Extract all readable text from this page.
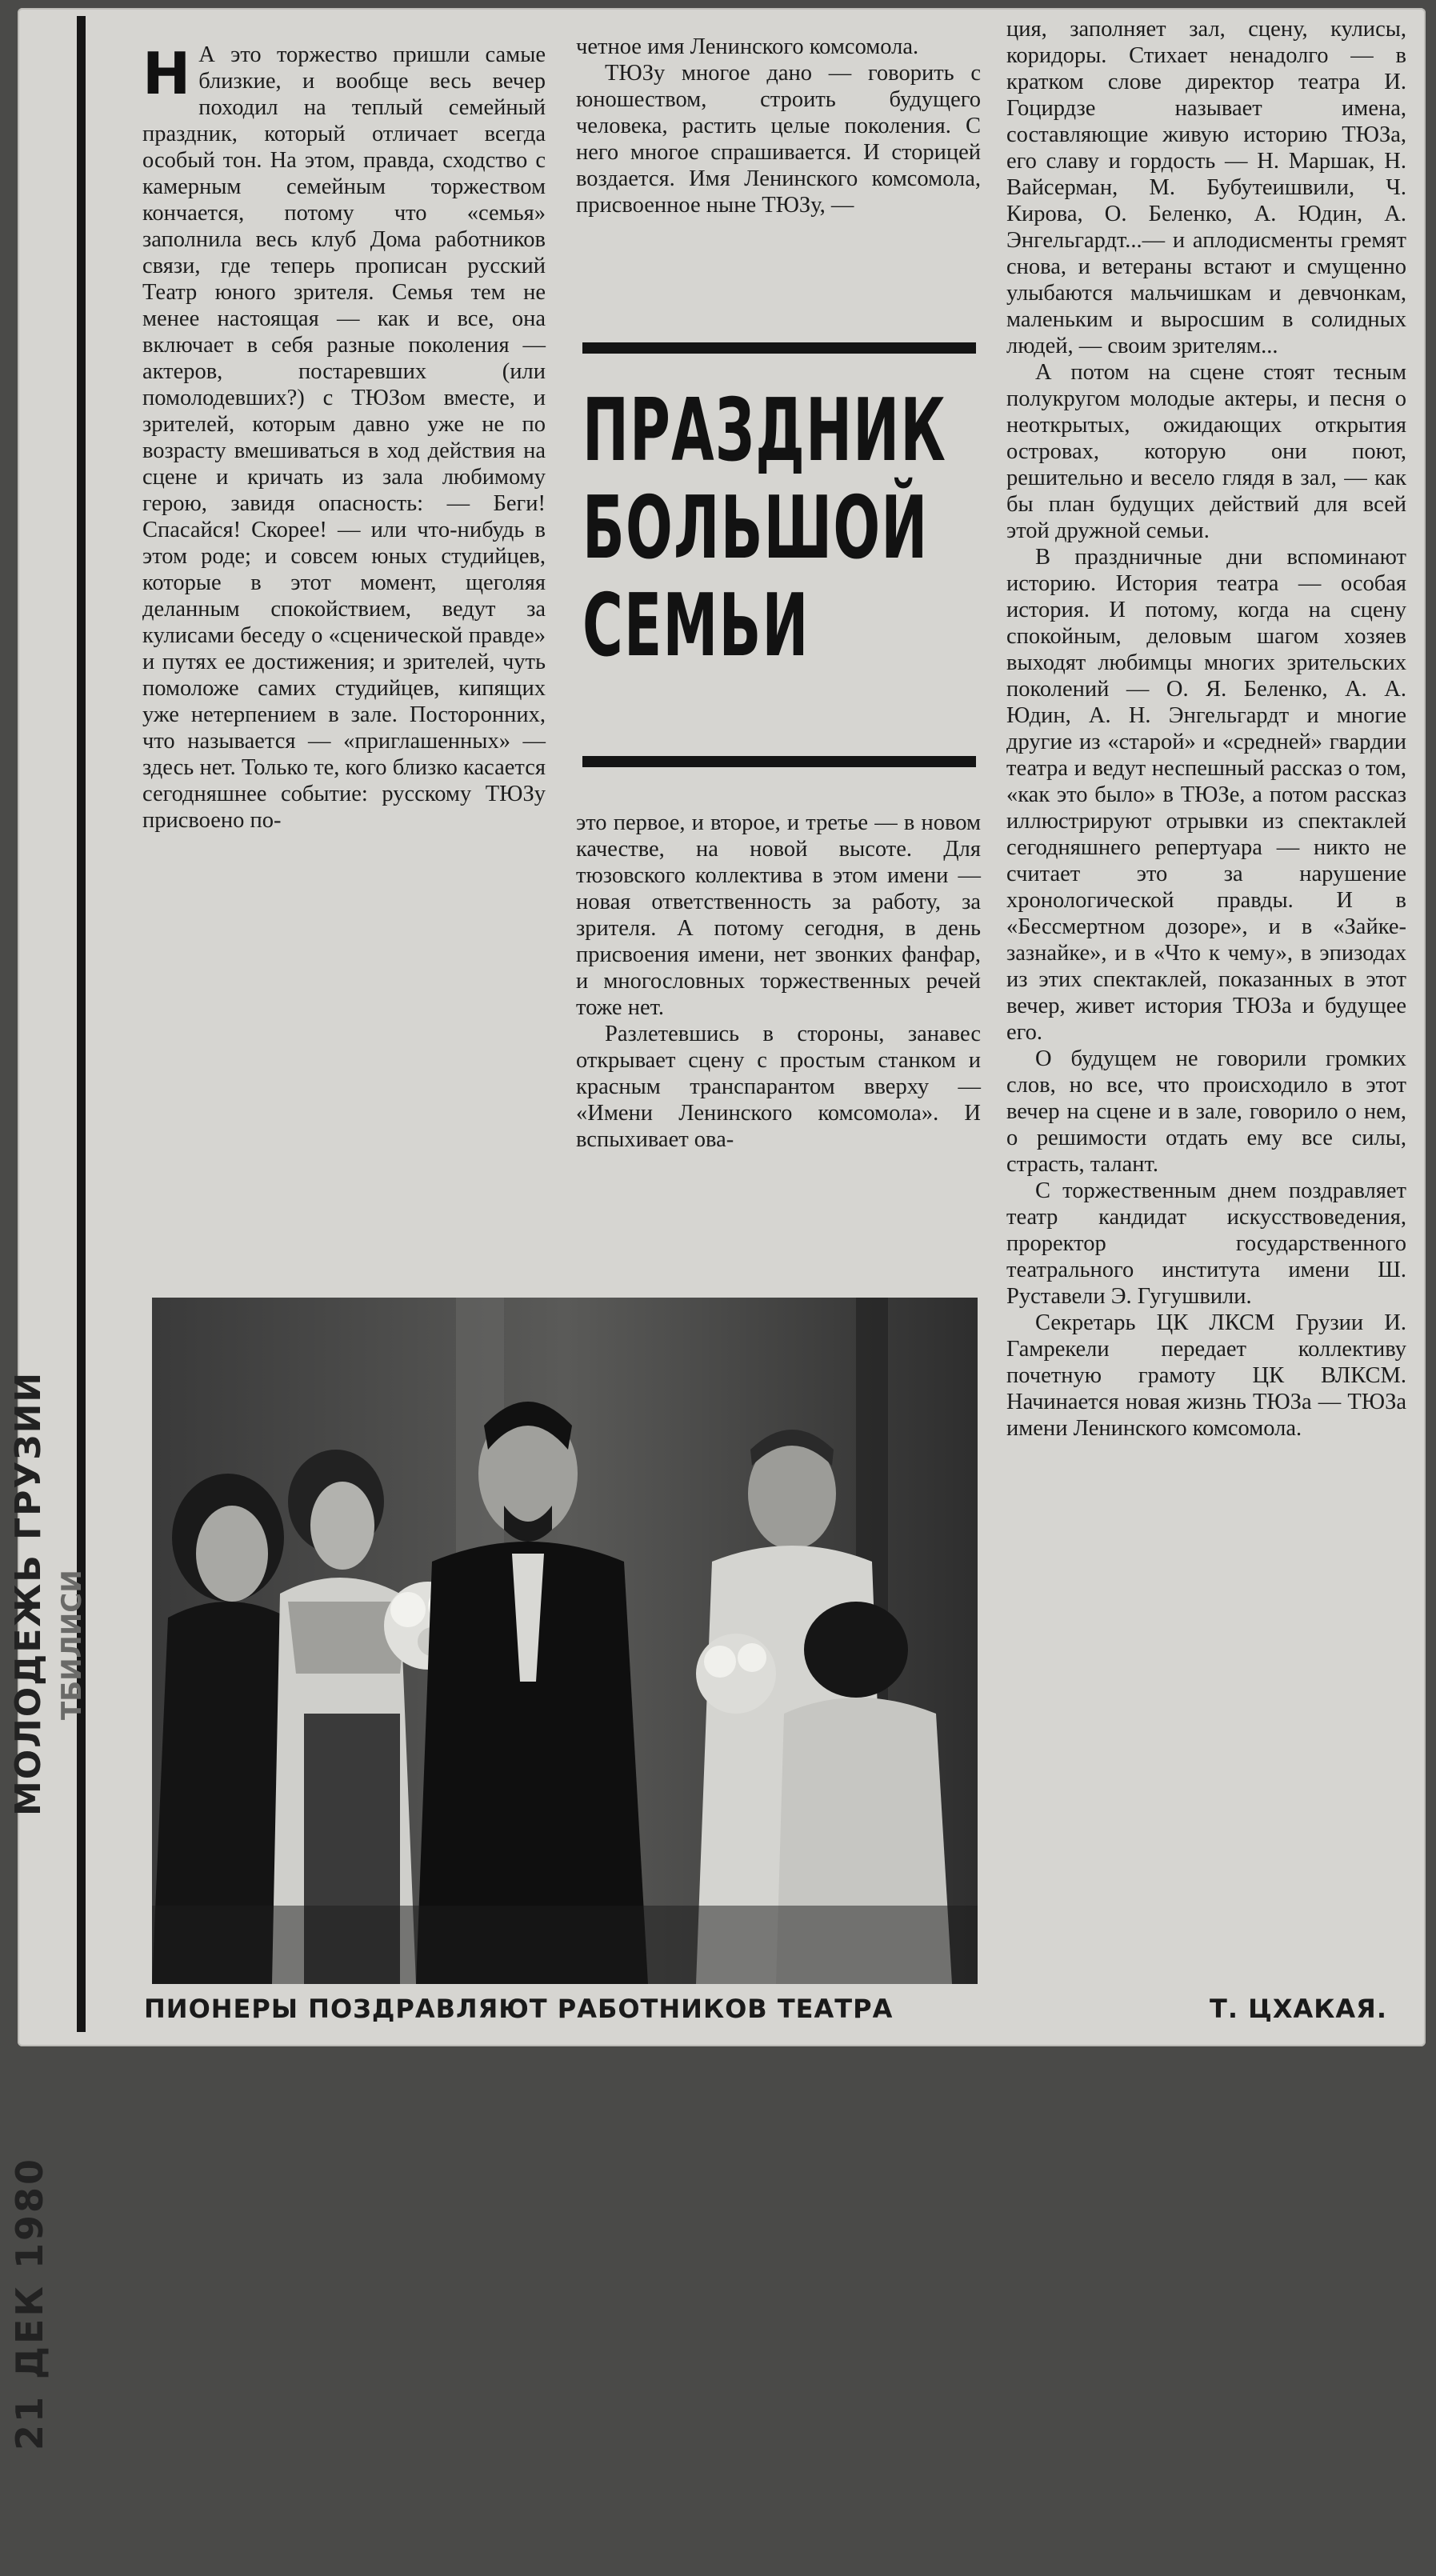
МОЛОДЕЖЬ ГРУЗИИ ТБИЛИСИ
21 ДЕК 1980

Н А это торжество пришли самые близкие, и вообще весь вечер походил на теплый семейный праздник, который отличает всегда особый тон. На этом, правда, сходство с камерным семейным торжеством кончается, потому что «семья» заполнила весь клуб Дома работников связи, где теперь прописан русский Театр юного зрителя. Семья тем не менее настоящая — как и все, она включает в себя разные поколения — актеров, постаревших (или помолодевших?) с ТЮЗом вместе, и зрителей, которым давно уже не по возрасту вмешиваться в ход действия на сцене и кричать из зала любимому герою, завидя опасность: — Беги! Спасайся! Скорее! — или что-нибудь в этом роде; и совсем юных студийцев, которые в этот момент, щеголяя деланным спокойствием, ведут за кулисами беседу о «сценической правде» и путях ее достижения; и зрителей, чуть помоложе самих студийцев, кипящих уже нетерпением в зале. Посторонних, что называется — «приглашенных» — здесь нет. Только те, кого близко касается сегодняшнее событие: русскому ТЮЗу присвоено по-

четное имя Ленинского комсомола.

ТЮЗу многое дано — говорить с юношеством, строить будущего человека, растить целые поколения. С него многое спрашивается. И сторицей воздается. Имя Ленинского комсомола, присвоенное ныне ТЮЗу, —

ПРАЗДНИК
БОЛЬШОЙ
СЕМЬИ

это первое, и второе, и третье — в новом качестве, на новой высоте. Для тюзовского коллектива в этом имени — новая ответственность за работу, за зрителя. А потому сегодня, в день присвоения имени, нет звонких фанфар, и многословных торжественных речей тоже нет.

Разлетевшись в стороны, занавес открывает сцену с простым станком и красным транспарантом вверху — «Имени Ленинского комсомола». И вспыхивает ова-

ция, заполняет зал, сцену, кулисы, коридоры. Стихает ненадолго — в кратком слове директор театра И. Гоцирдзе называет имена, составляющие живую историю ТЮЗа, его славу и гордость — Н. Маршак, Н. Вайсерман, М. Бубутеишвили, Ч. Кирова, О. Беленко, А. Юдин, А. Энгельгардт...— и аплодисменты гремят снова, и ветераны встают и смущенно улыбаются мальчишкам и девчонкам, маленьким и выросшим в солидных людей, — своим зрителям...

А потом на сцене стоят тесным полукругом молодые актеры, и песня о неоткрытых, ожидающих открытия островах, которую они поют, решительно и весело глядя в зал, — как бы план будущих действий для всей этой дружной семьи.

В праздничные дни вспоминают историю. История театра — особая история. И потому, когда на сцену спокойным, деловым шагом хозяев выходят любимцы многих зрительских поколений — О. Я. Беленко, А. А. Юдин, А. Н. Энгельгардт и многие другие из «старой» и «средней» гвардии театра и ведут неспешный рассказ о том, «как это было» в ТЮЗе, а потом рассказ иллюстрируют отрывки из спектаклей сегодняшнего репертуара — никто не считает это за нарушение хронологической правды. И в «Бессмертном дозоре», и в «Зайке-зазнайке», и в «Что к чему», в эпизодах из этих спектаклей, показанных в этот вечер, живет история ТЮЗа и будущее его.

О будущем не говорили громких слов, но все, что происходило в этот вечер на сцене и в зале, говорило о нем, о решимости отдать ему все силы, страсть, талант.

С торжественным днем поздравляет театр кандидат искусствоведения, проректор государственного театрального института имени Ш. Руставели Э. Гугушвили.

Секретарь ЦК ЛКСМ Грузии И. Гамрекели передает коллективу почетную грамоту ЦК ВЛКСМ. Начинается новая жизнь ТЮЗа — ТЮЗа имени Ленинского комсомола.

ПИОНЕРЫ ПОЗДРАВЛЯЮТ РАБОТНИКОВ ТЕАТРА	Т. ЦХАКАЯ.
